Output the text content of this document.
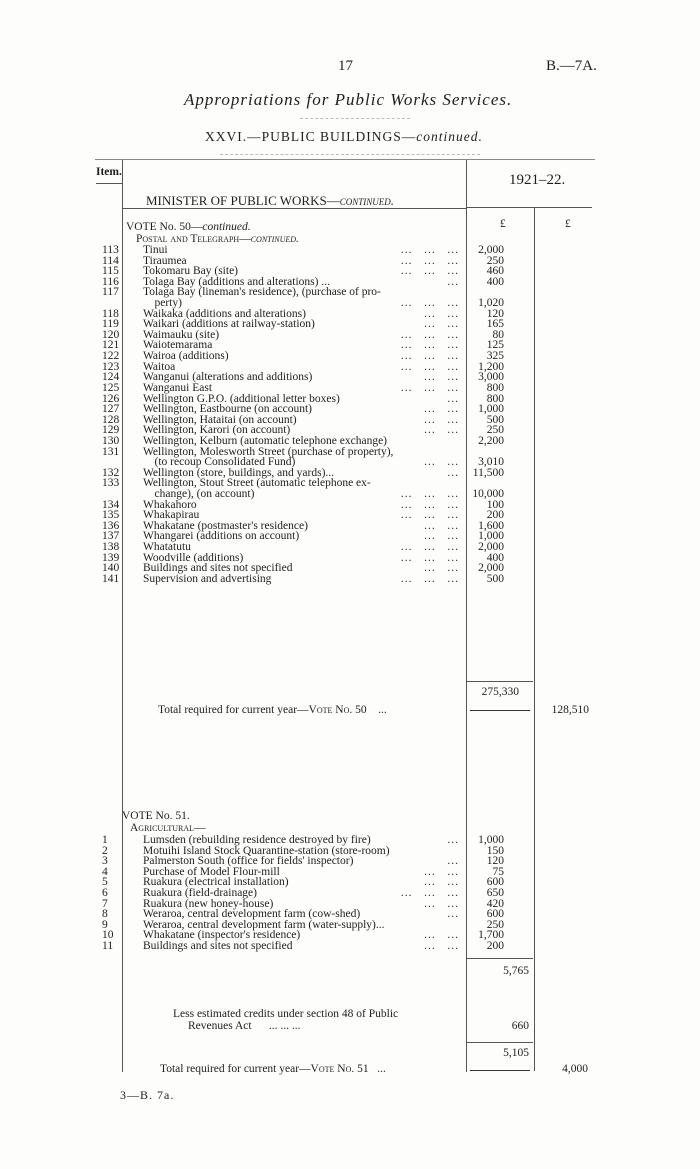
17	B.—7A.
Appropriations for Public Works Services.
XXVI.—PUBLIC BUILDINGS—continued.
Item.	1921–22.
MINISTER OF PUBLIC WORKS—continued.
£	£
VOTE No. 50—continued.
Postal and Telegraph—continued.
113	Tinui	...   ...   ...	2,000
114	Tiraumea	...   ...   ...	250
115	Tokomaru Bay (site)	...   ...   ...	460
116	Tolaga Bay (additions and alterations) ...	...	400
117	Tolaga Bay (lineman's residence), (purchase of pro-
perty)	...   ...   ...	1,020
118	Waikaka (additions and alterations)	...   ...	120
119	Waikari (additions at railway-station)	...   ...	165
120	Waimauku (site)	...   ...   ...	80
121	Waiotemarama	...   ...   ...	125
122	Wairoa (additions)	...   ...   ...	325
123	Waitoa	...   ...   ...	1,200
124	Wanganui (alterations and additions)	...   ...	3,000
125	Wanganui East	...   ...   ...	800
126	Wellington G.P.O. (additional letter boxes)	...	800
127	Wellington, Eastbourne (on account)	...   ...	1,000
128	Wellington, Hataitai (on account)	...   ...	500
129	Wellington, Karori (on account)	...   ...	250
130	Wellington, Kelburn (automatic telephone exchange)	2,200
131	Wellington, Molesworth Street (purchase of property),
(to recoup Consolidated Fund)	...   ...	3,010
132	Wellington (store, buildings, and yards)...	...	11,500
133	Wellington, Stout Street (automatic telephone ex-
change), (on account)	...   ...   ...	10,000
134	Whakahoro	...   ...   ...	100
135	Whakapirau	...   ...   ...	200
136	Whakatane (postmaster's residence)	...   ...	1,600
137	Whangarei (additions on account)	...   ...	1,000
138	Whatatutu	...   ...   ...	2,000
139	Woodville (additions)	...   ...   ...	400
140	Buildings and sites not specified	...   ...	2,000
141	Supervision and advertising	...   ...   ...	500
275,330
Total required for current year—Vote No. 50 ...	128,510
VOTE No. 51.
Agricultural—
1	Lumsden (rebuilding residence destroyed by fire)	...	1,000
2	Motuihi Island Stock Quarantine-station (store-room)	150
3	Palmerston South (office for fields' inspector)	...	120
4	Purchase of Model Flour-mill	...   ...	75
5	Ruakura (electrical installation)	...   ...	600
6	Ruakura (field-drainage)	...   ...   ...	650
7	Ruakura (new honey-house)	...   ...	420
8	Weraroa, central development farm (cow-shed)	...	600
9	Weraroa, central development farm (water-supply)...	250
10	Whakatane (inspector's residence)	...   ...	1,700
11	Buildings and sites not specified	...   ...	200
5,765
Less estimated credits under section 48 of Public
Revenues Act ... ... ...	660
5,105
Total required for current year—Vote No. 51 ...	4,000
3—B. 7a.
